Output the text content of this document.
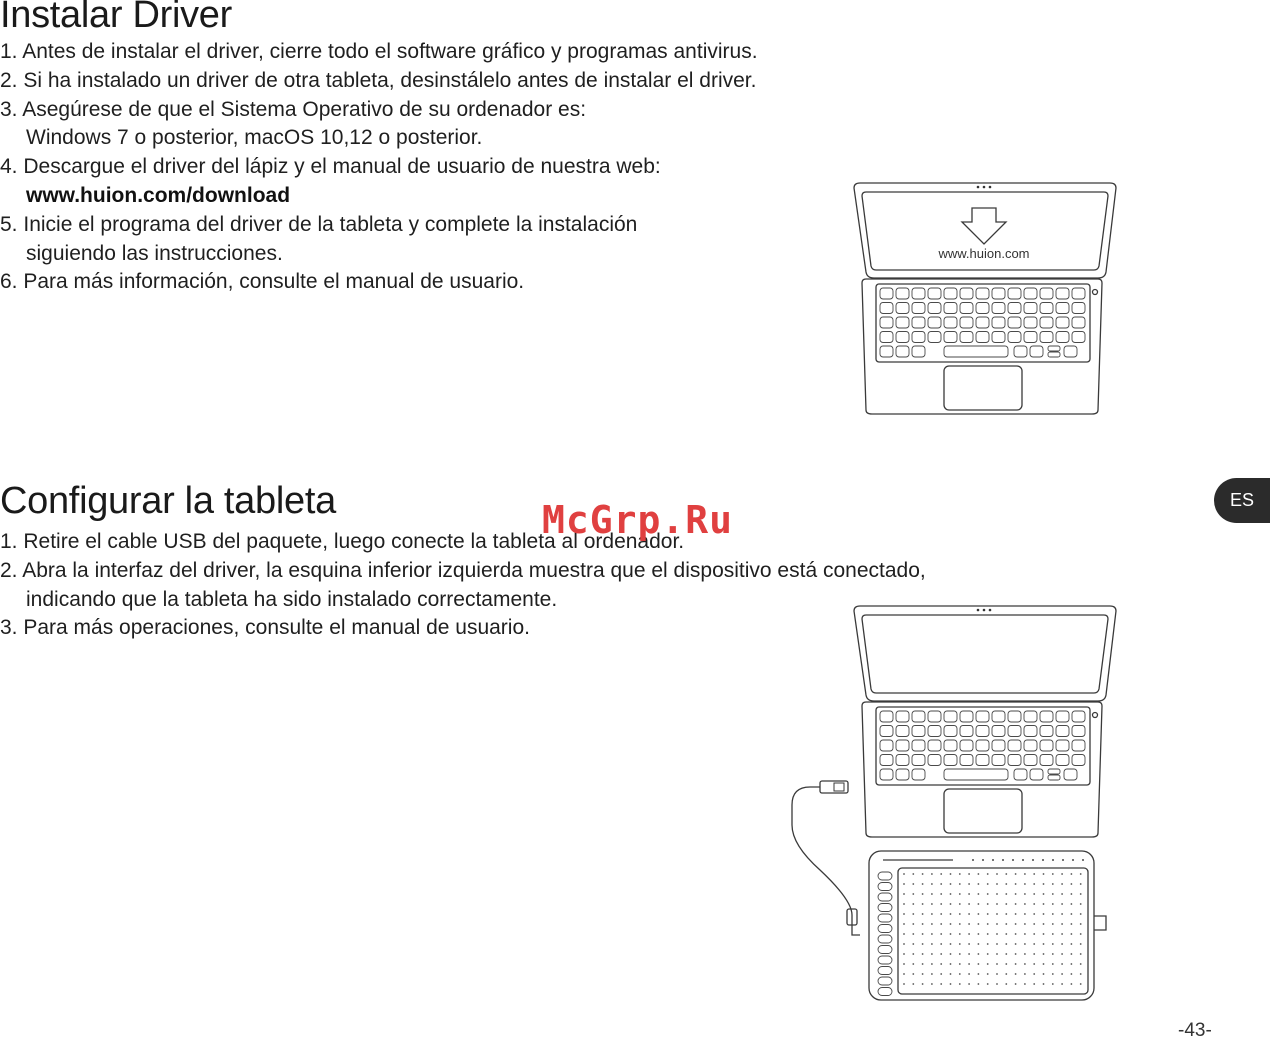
Instalar Driver
1. Antes de instalar el driver, cierre todo el software gráfico y programas antivirus.
2. Si ha instalado un driver de otra tableta, desinstálelo antes de instalar el driver.
3. Asegúrese de que el Sistema Operativo de su ordenador es:
Windows 7 o posterior, macOS 10,12 o posterior.
4. Descargue el driver del lápiz y el manual de usuario de nuestra web:
www.huion.com/download
5. Inicie el programa del driver de la tableta y complete la instalación
siguiendo las instrucciones.
6. Para más información, consulte el manual de usuario.
Configurar la tableta
1. Retire el cable USB del paquete, luego conecte la tableta al ordenador.
2. Abra la interfaz del driver, la esquina inferior izquierda muestra que el dispositivo está conectado,
indicando que la tableta ha sido instalado correctamente.
3. Para más operaciones, consulte el manual de usuario.
ES
McGrp.Ru
-43-
www.huion.com
